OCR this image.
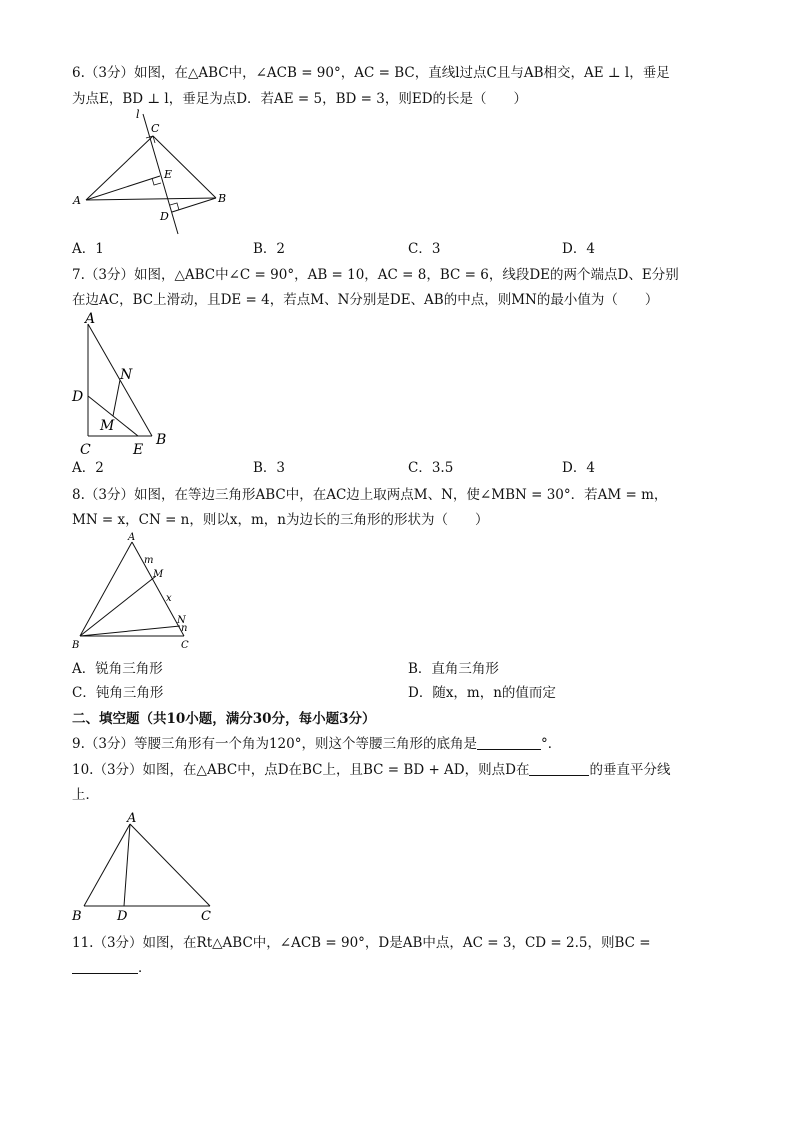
6.（3分）如图，在△ABC中，∠ACB = 90°，AC = BC，直线l过点C且与AB相交，AE ⊥ l，垂足
为点E，BD ⊥ l，垂足为点D．若AE = 5，BD = 3，则ED的长是（　　）
l
C
E
A	B
D
A．1	B．2	C．3	D．4
7.（3分）如图，△ABC中∠C = 90°，AB = 10，AC = 8，BC = 6，线段DE的两个端点D、E分别
在边AC，BC上滑动，且DE = 4，若点M、N分别是DE、AB的中点，则MN的最小值为（　　）
A
N
D
M
C	E
B
A．2	B．3	C．3.5	D．4
8.（3分）如图，在等边三角形ABC中，在AC边上取两点M、N，使∠MBN = 30°．若AM = m，
MN = x，CN = n，则以x，m，n为边长的三角形的形状为（　　）
A
m
M
x
N
n
B	C
A．锐角三角形	B．直角三角形
C．钝角三角形	D．随x，m，n的值而定
二、填空题（共10小题，满分30分，每小题3分）
9.（3分）等腰三角形有一个角为120°，则这个等腰三角形的底角是	°．
10.（3分）如图，在△ABC中，点D在BC上，且BC = BD + AD，则点D在	的垂直平分线
上．
A
B	D	C
11.（3分）如图，在Rt△ABC中，∠ACB = 90°，D是AB中点，AC = 3，CD = 2.5，则BC =
．
